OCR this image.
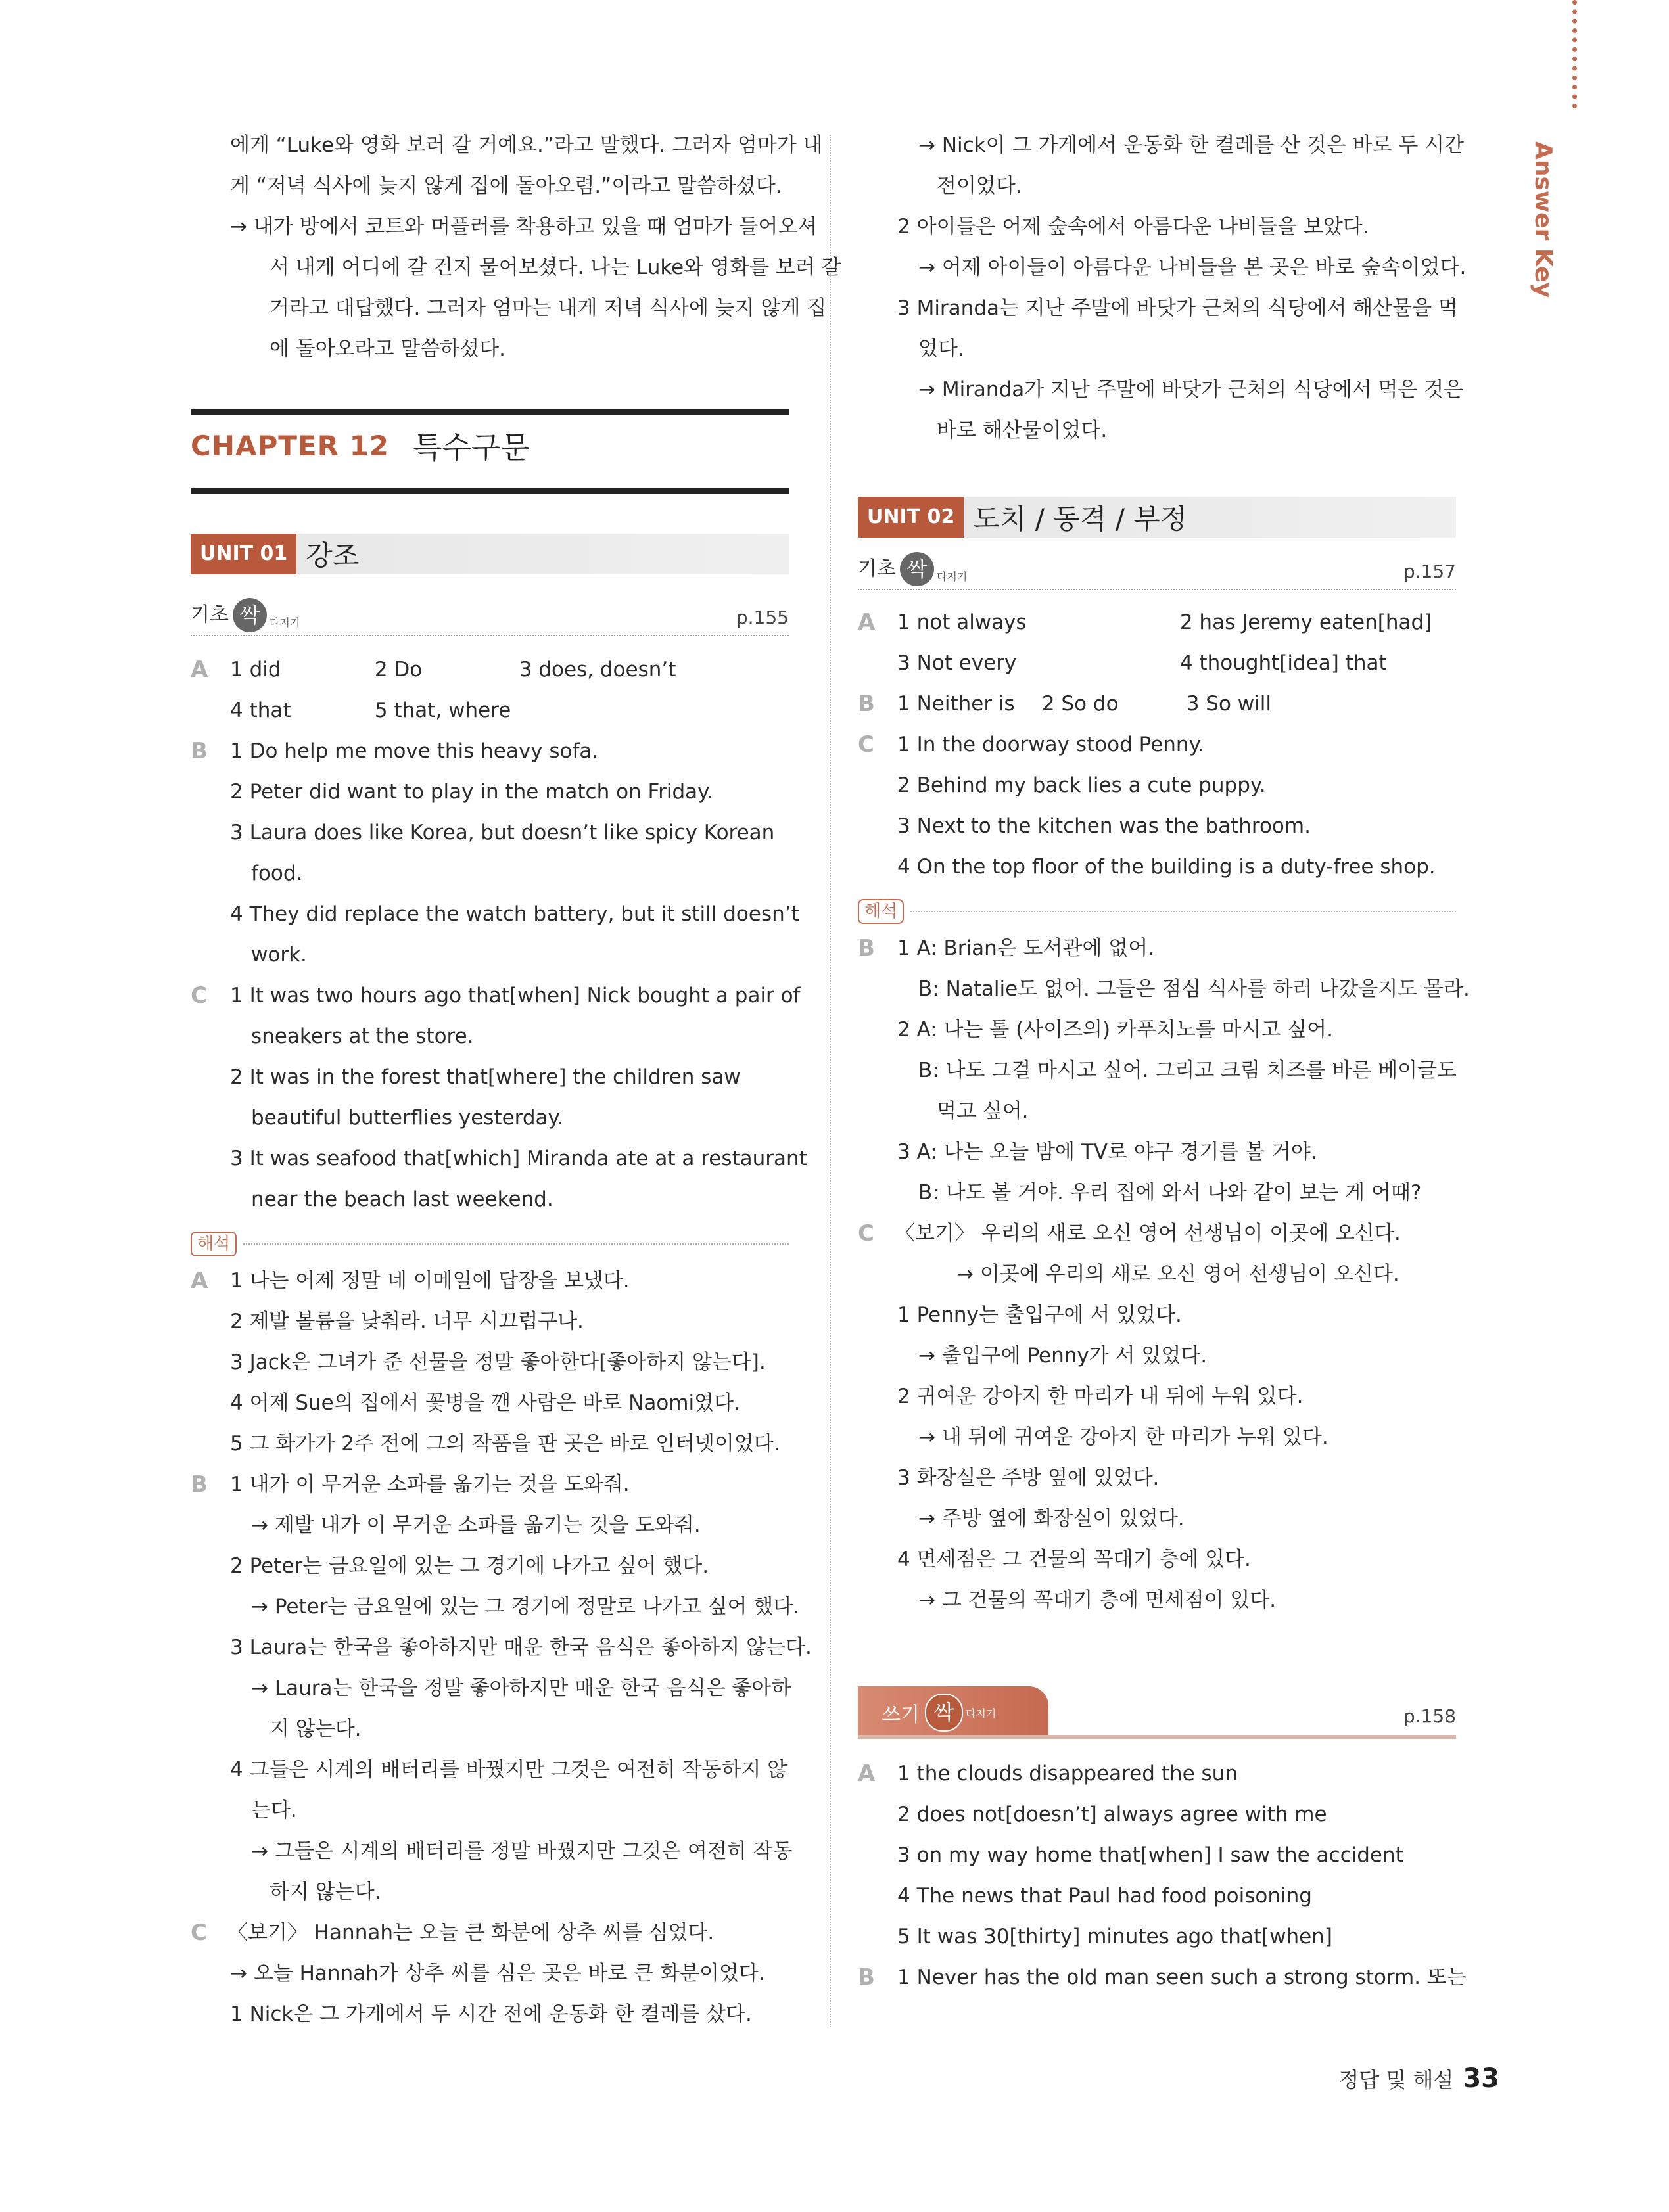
Answer Key
에게 “Luke와 영화 보러 갈 거예요.”라고 말했다. 그러자 엄마가 내
게 “저녁 식사에 늦지 않게 집에 돌아오렴.”이라고 말씀하셨다.
→ 내가 방에서 코트와 머플러를 착용하고 있을 때 엄마가 들어오셔
서 내게 어디에 갈 건지 물어보셨다. 나는 Luke와 영화를 보러 갈
거라고 대답했다. 그러자 엄마는 내게 저녁 식사에 늦지 않게 집
에 돌아오라고 말씀하셨다.
CHAPTER 12 특수구문
UNIT 01 강조
기초 싹 다지기	p.155
A 1 did	2 Do	3 does, doesn’t
4 that	5 that, where
B 1 Do help me move this heavy sofa.
2 Peter did want to play in the match on Friday.
3 Laura does like Korea, but doesn’t like spicy Korean
food.
4 They did replace the watch battery, but it still doesn’t
work.
C 1 It was two hours ago that[when] Nick bought a pair of
sneakers at the store.
2 It was in the forest that[where] the children saw
beautiful butterflies yesterday.
3 It was seafood that[which] Miranda ate at a restaurant
near the beach last weekend.
해석
A 1 나는 어제 정말 네 이메일에 답장을 보냈다.
2 제발 볼륨을 낮춰라. 너무 시끄럽구나.
3 Jack은 그녀가 준 선물을 정말 좋아한다[좋아하지 않는다].
4 어제 Sue의 집에서 꽃병을 깬 사람은 바로 Naomi였다.
5 그 화가가 2주 전에 그의 작품을 판 곳은 바로 인터넷이었다.
B 1 내가 이 무거운 소파를 옮기는 것을 도와줘.
→ 제발 내가 이 무거운 소파를 옮기는 것을 도와줘.
2 Peter는 금요일에 있는 그 경기에 나가고 싶어 했다.
→ Peter는 금요일에 있는 그 경기에 정말로 나가고 싶어 했다.
3 Laura는 한국을 좋아하지만 매운 한국 음식은 좋아하지 않는다.
→ Laura는 한국을 정말 좋아하지만 매운 한국 음식은 좋아하
지 않는다.
4 그들은 시계의 배터리를 바꿨지만 그것은 여전히 작동하지 않
는다.
→ 그들은 시계의 배터리를 정말 바꿨지만 그것은 여전히 작동
하지 않는다.
C 〈보기〉 Hannah는 오늘 큰 화분에 상추 씨를 심었다.
→ 오늘 Hannah가 상추 씨를 심은 곳은 바로 큰 화분이었다.
1 Nick은 그 가게에서 두 시간 전에 운동화 한 켤레를 샀다.
→ Nick이 그 가게에서 운동화 한 켤레를 산 것은 바로 두 시간
전이었다.
2 아이들은 어제 숲속에서 아름다운 나비들을 보았다.
→ 어제 아이들이 아름다운 나비들을 본 곳은 바로 숲속이었다.
3 Miranda는 지난 주말에 바닷가 근처의 식당에서 해산물을 먹
었다.
→ Miranda가 지난 주말에 바닷가 근처의 식당에서 먹은 것은
바로 해산물이었다.
UNIT 02 도치 / 동격 / 부정
기초 싹 다지기	p.157
A 1 not always	2 has Jeremy eaten[had]
3 Not every	4 thought[idea] that
B 1 Neither is 2 So do	3 So will
C 1 In the doorway stood Penny.
2 Behind my back lies a cute puppy.
3 Next to the kitchen was the bathroom.
4 On the top floor of the building is a duty-free shop.
해석
B 1 A: Brian은 도서관에 없어.
B: Natalie도 없어. 그들은 점심 식사를 하러 나갔을지도 몰라.
2 A: 나는 톨 (사이즈의) 카푸치노를 마시고 싶어.
B: 나도 그걸 마시고 싶어. 그리고 크림 치즈를 바른 베이글도
먹고 싶어.
3 A: 나는 오늘 밤에 TV로 야구 경기를 볼 거야.
B: 나도 볼 거야. 우리 집에 와서 나와 같이 보는 게 어때?
C 〈보기〉 우리의 새로 오신 영어 선생님이 이곳에 오신다.
→ 이곳에 우리의 새로 오신 영어 선생님이 오신다.
1 Penny는 출입구에 서 있었다.
→ 출입구에 Penny가 서 있었다.
2 귀여운 강아지 한 마리가 내 뒤에 누워 있다.
→ 내 뒤에 귀여운 강아지 한 마리가 누워 있다.
3 화장실은 주방 옆에 있었다.
→ 주방 옆에 화장실이 있었다.
4 면세점은 그 건물의 꼭대기 층에 있다.
→ 그 건물의 꼭대기 층에 면세점이 있다.
쓰기 싹	다지기	p.158
A 1 the clouds disappeared the sun
2 does not[doesn’t] always agree with me
3 on my way home that[when] I saw the accident
4 The news that Paul had food poisoning
5 It was 30[thirty] minutes ago that[when]
B 1 Never has the old man seen such a strong storm. 또는
정답 및 해설 33
